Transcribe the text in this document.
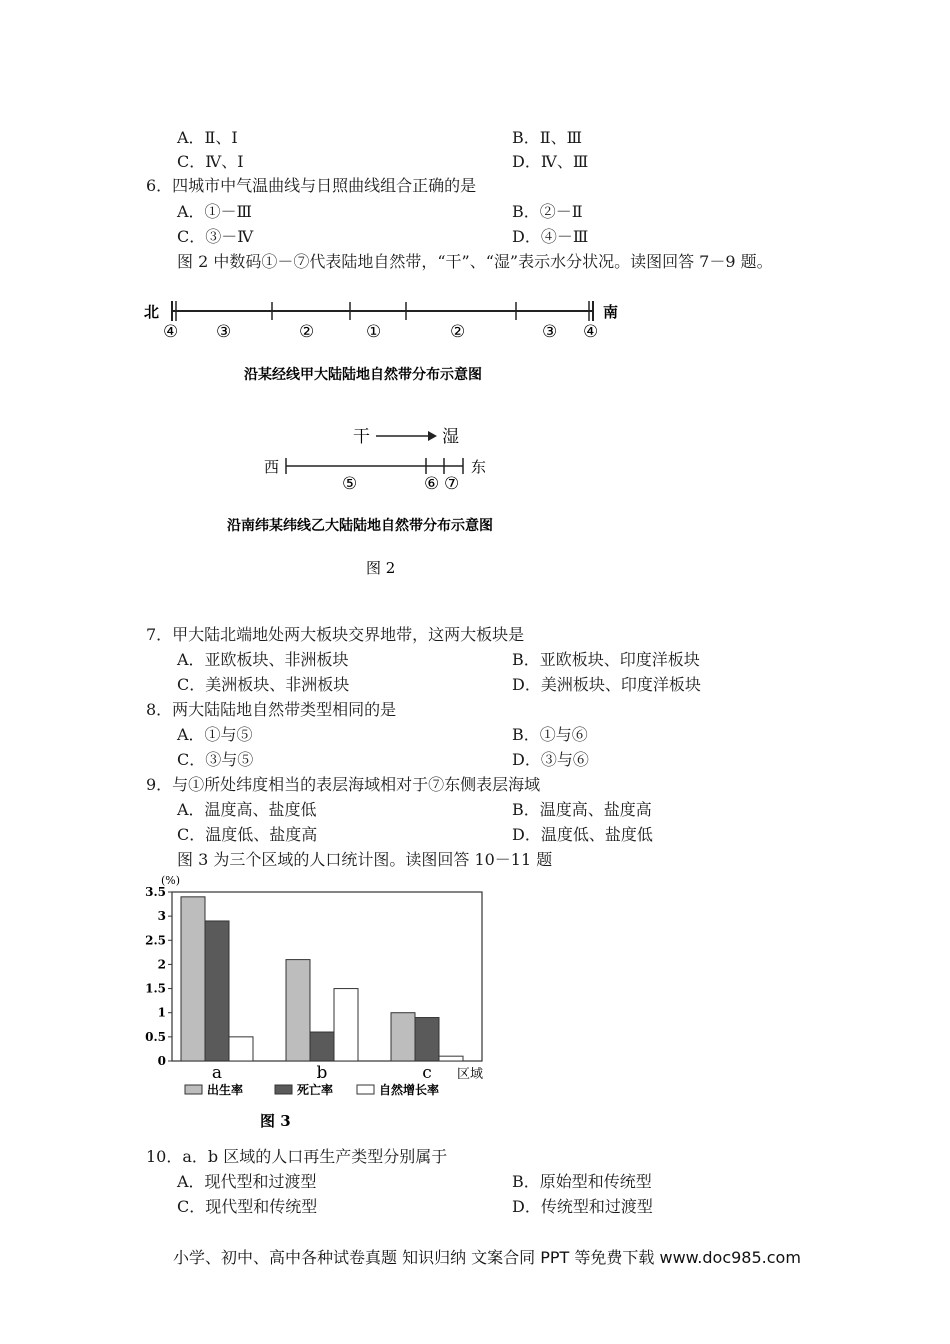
A．Ⅱ、Ⅰ	B．Ⅱ、Ⅲ
C．Ⅳ、Ⅰ	D．Ⅳ、Ⅲ
6．四城市中气温曲线与日照曲线组合正确的是
A．①－Ⅲ	B．②－Ⅱ
C．③－Ⅳ	D．④－Ⅲ
图 2 中数码①－⑦代表陆地自然带，“干”、“湿”表示水分状况。读图回答 7－9 题。
北	南
④ ③	②	①	②	③ ④
沿某经线甲大陆陆地自然带分布示意图
干	湿
西	东
⑤	⑥ ⑦
沿南纬某纬线乙大陆陆地自然带分布示意图
图 2
7．甲大陆北端地处两大板块交界地带，这两大板块是
A．亚欧板块、非洲板块	B．亚欧板块、印度洋板块
C．美洲板块、非洲板块	D．美洲板块、印度洋板块
8．两大陆陆地自然带类型相同的是
A．①与⑤	B．①与⑥
C．③与⑤	D．③与⑥
9．与①所处纬度相当的表层海域相对于⑦东侧表层海域
A．温度高、盐度低	B．温度高、盐度高
C．温度低、盐度高	D．温度低、盐度低
图 3 为三个区域的人口统计图。读图回答 10－11 题
(%)
0
0.5
1
1.5
2
2.5
3
3.5
a	b	c 区域
出生率	死亡率	自然增长率
图 3
10．a．b 区域的人口再生产类型分别属于
A．现代型和过渡型	B．原始型和传统型
C．现代型和传统型	D．传统型和过渡型
小学、初中、高中各种试卷真题 知识归纳 文案合同 PPT 等免费下载 www.doc985.com
